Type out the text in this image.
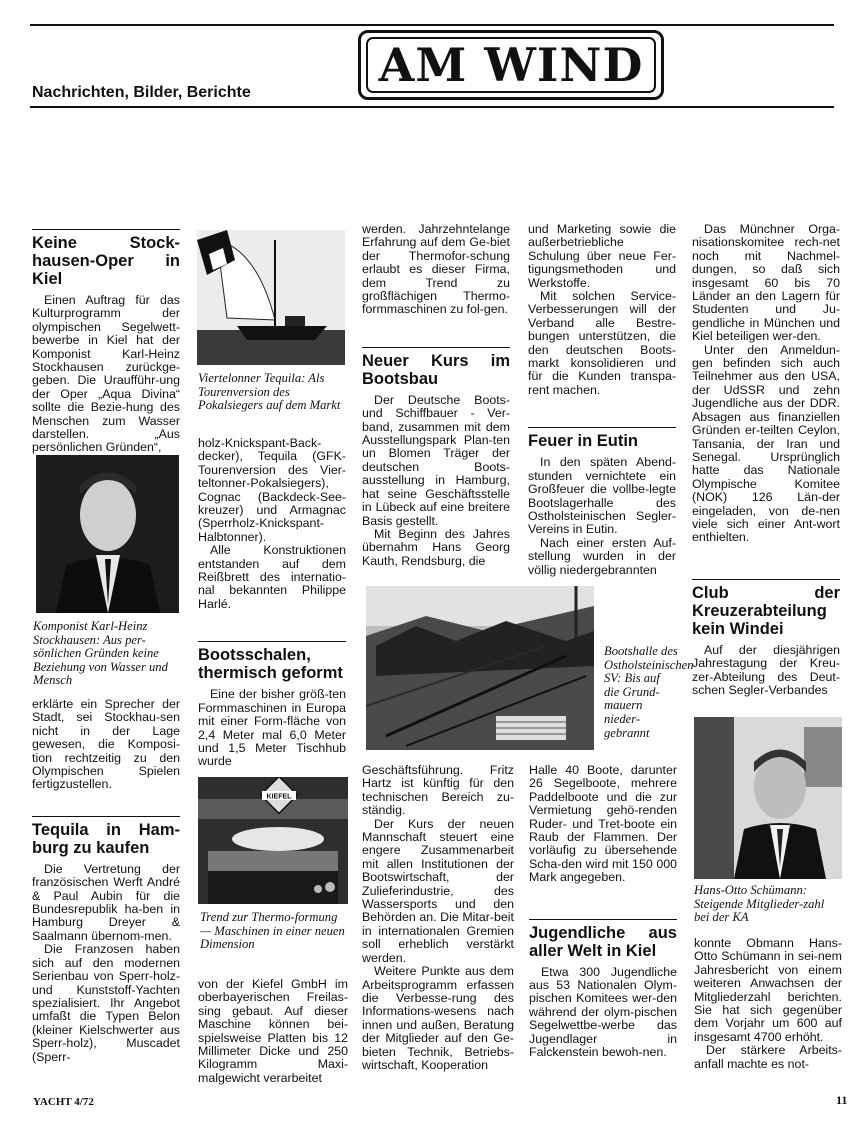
Nachrichten, Bilder, Berichte
AM WIND
Keine Stock-hausen-Oper in Kiel

Einen Auftrag für das Kulturprogramm der olympischen Segelwett-bewerbe in Kiel hat der Komponist Karl-Heinz Stockhausen zurückge-geben. Die Uraufführ-ung der Oper „Aqua Divina“ sollte die Bezie-hung des Menschen zum Wasser darstellen. „Aus persönlichen Gründen“,

Komponist Karl-Heinz Stockhausen: Aus per-sönlichen Gründen keine Beziehung von Wasser und Mensch

erklärte ein Sprecher der Stadt, sei Stockhau-sen nicht in der Lage gewesen, die Komposi-tion rechtzeitig zu den Olympischen Spielen fertigzustellen.

Tequila in Ham-burg zu kaufen

Die Vertretung der französischen Werft André & Paul Aubin für die Bundesrepublik ha-ben in Hamburg Dreyer & Saalmann übernom-men.

Die Franzosen haben sich auf den modernen Serienbau von Sperr-holz- und Kunststoff-Yachten spezialisiert. Ihr Angebot umfaßt die Typen Belon (kleiner Kielschwerter aus Sperr-holz), Muscadet (Sperr-

Viertelonner Tequila: Als Tourenversion des Pokalsiegers auf dem Markt

holz-Knickspant-Back-decker), Tequila (GFK-Tourenversion des Vier-teltonner-Pokalsiegers), Cognac (Backdeck-See-kreuzer) und Armagnac (Sperrholz-Knickspant-Halbtonner).

Alle Konstruktionen entstanden auf dem Reißbrett des internatio-nal bekannten Philippe Harlé.

Bootsschalen, thermisch geformt

Eine der bisher größ-ten Formmaschinen in Europa mit einer Form-fläche von 2,4 Meter mal 6,0 Meter und 1,5 Meter Tischhub wurde

KIEFEL
Trend zur Thermo-formung — Maschinen in einer neuen Dimension

von der Kiefel GmbH im oberbayerischen Freilas-sing gebaut. Auf dieser Maschine können bei-spielsweise Platten bis 12 Millimeter Dicke und 250 Kilogramm Maxi-malgewicht verarbeitet

werden. Jahrzehntelange Erfahrung auf dem Ge-biet der Thermofor-schung erlaubt es dieser Firma, dem Trend zu großflächigen Thermo-formmaschinen zu fol-gen.

Neuer Kurs im Bootsbau

Der Deutsche Boots- und Schiffbauer - Ver-band, zusammen mit dem Ausstellungspark Plan-ten un Blomen Träger der deutschen Boots-ausstellung in Hamburg, hat seine Geschäftsstelle in Lübeck auf eine breitere Basis gestellt.

Mit Beginn des Jahres übernahm Hans Georg Kauth, Rendsburg, die

Geschäftsführung. Fritz Hartz ist künftig für den technischen Bereich zu-ständig.

Der Kurs der neuen Mannschaft steuert eine engere Zusammenarbeit mit allen Institutionen der Bootswirtschaft, der Zulieferindustrie, des Wassersports und den Behörden an. Die Mitar-beit in internationalen Gremien soll erheblich verstärkt werden.

Weitere Punkte aus dem Arbeitsprogramm erfassen die Verbesse-rung des Informations-wesens nach innen und außen, Beratung der Mitglieder auf den Ge-bieten Technik, Betriebs-wirtschaft, Kooperation

und Marketing sowie die außerbetriebliche Schulung über neue Fer-tigungsmethoden und Werkstoffe.

Mit solchen Service-Verbesserungen will der Verband alle Bestre-bungen unterstützen, die den deutschen Boots-markt konsolidieren und für die Kunden transpa-rent machen.

Feuer in Eutin

In den späten Abend-stunden vernichtete ein Großfeuer die vollbe-legte Bootslagerhalle des Ostholsteinischen Segler-Vereins in Eutin.

Nach einer ersten Auf-stellung wurden in der völlig niedergebrannten

Bootshalle des Ostholsteinischen SV: Bis auf die Grund-mauern nieder-gebrannt

Halle 40 Boote, darunter 26 Segelboote, mehrere Paddelboote und die zur Vermietung gehö-renden Ruder- und Tret-boote ein Raub der Flammen. Der vorläufig zu übersehende Scha-den wird mit 150 000 Mark angegeben.

Jugendliche aus aller Welt in Kiel

Etwa 300 Jugendliche aus 53 Nationalen Olym-pischen Komitees wer-den während der olym-pischen Segelwettbe-werbe das Jugendlager in Falckenstein bewoh-nen.

Das Münchner Orga-nisationskomitee rech-net noch mit Nachmel-dungen, so daß sich insgesamt 60 bis 70 Länder an den Lagern für Studenten und Ju-gendliche in München und Kiel beteiligen wer-den.

Unter den Anmeldun-gen befinden sich auch Teilnehmer aus den USA, der UdSSR und zehn Jugendliche aus der DDR. Absagen aus finanziellen Gründen er-teilten Ceylon, Tansania, der Iran und Senegal. Ursprünglich hatte das Nationale Olympische Komitee (NOK) 126 Län-der eingeladen, von de-nen viele sich einer Ant-wort enthielten.

Club der Kreuzerabteilung kein Windei

Auf der diesjährigen Jahrestagung der Kreu-zer-Abteilung des Deut-schen Segler-Verbandes

Hans-Otto Schümann: Steigende Mitglieder-zahl bei der KA

konnte Obmann Hans-Otto Schümann in sei-nem Jahresbericht von einem weiteren Anwachsen der Mitgliederzahl berichten. Sie hat sich gegenüber dem Vorjahr um 600 auf insgesamt 4700 erhöht.

Der stärkere Arbeits-anfall machte es not-

YACHT 4/72	11
